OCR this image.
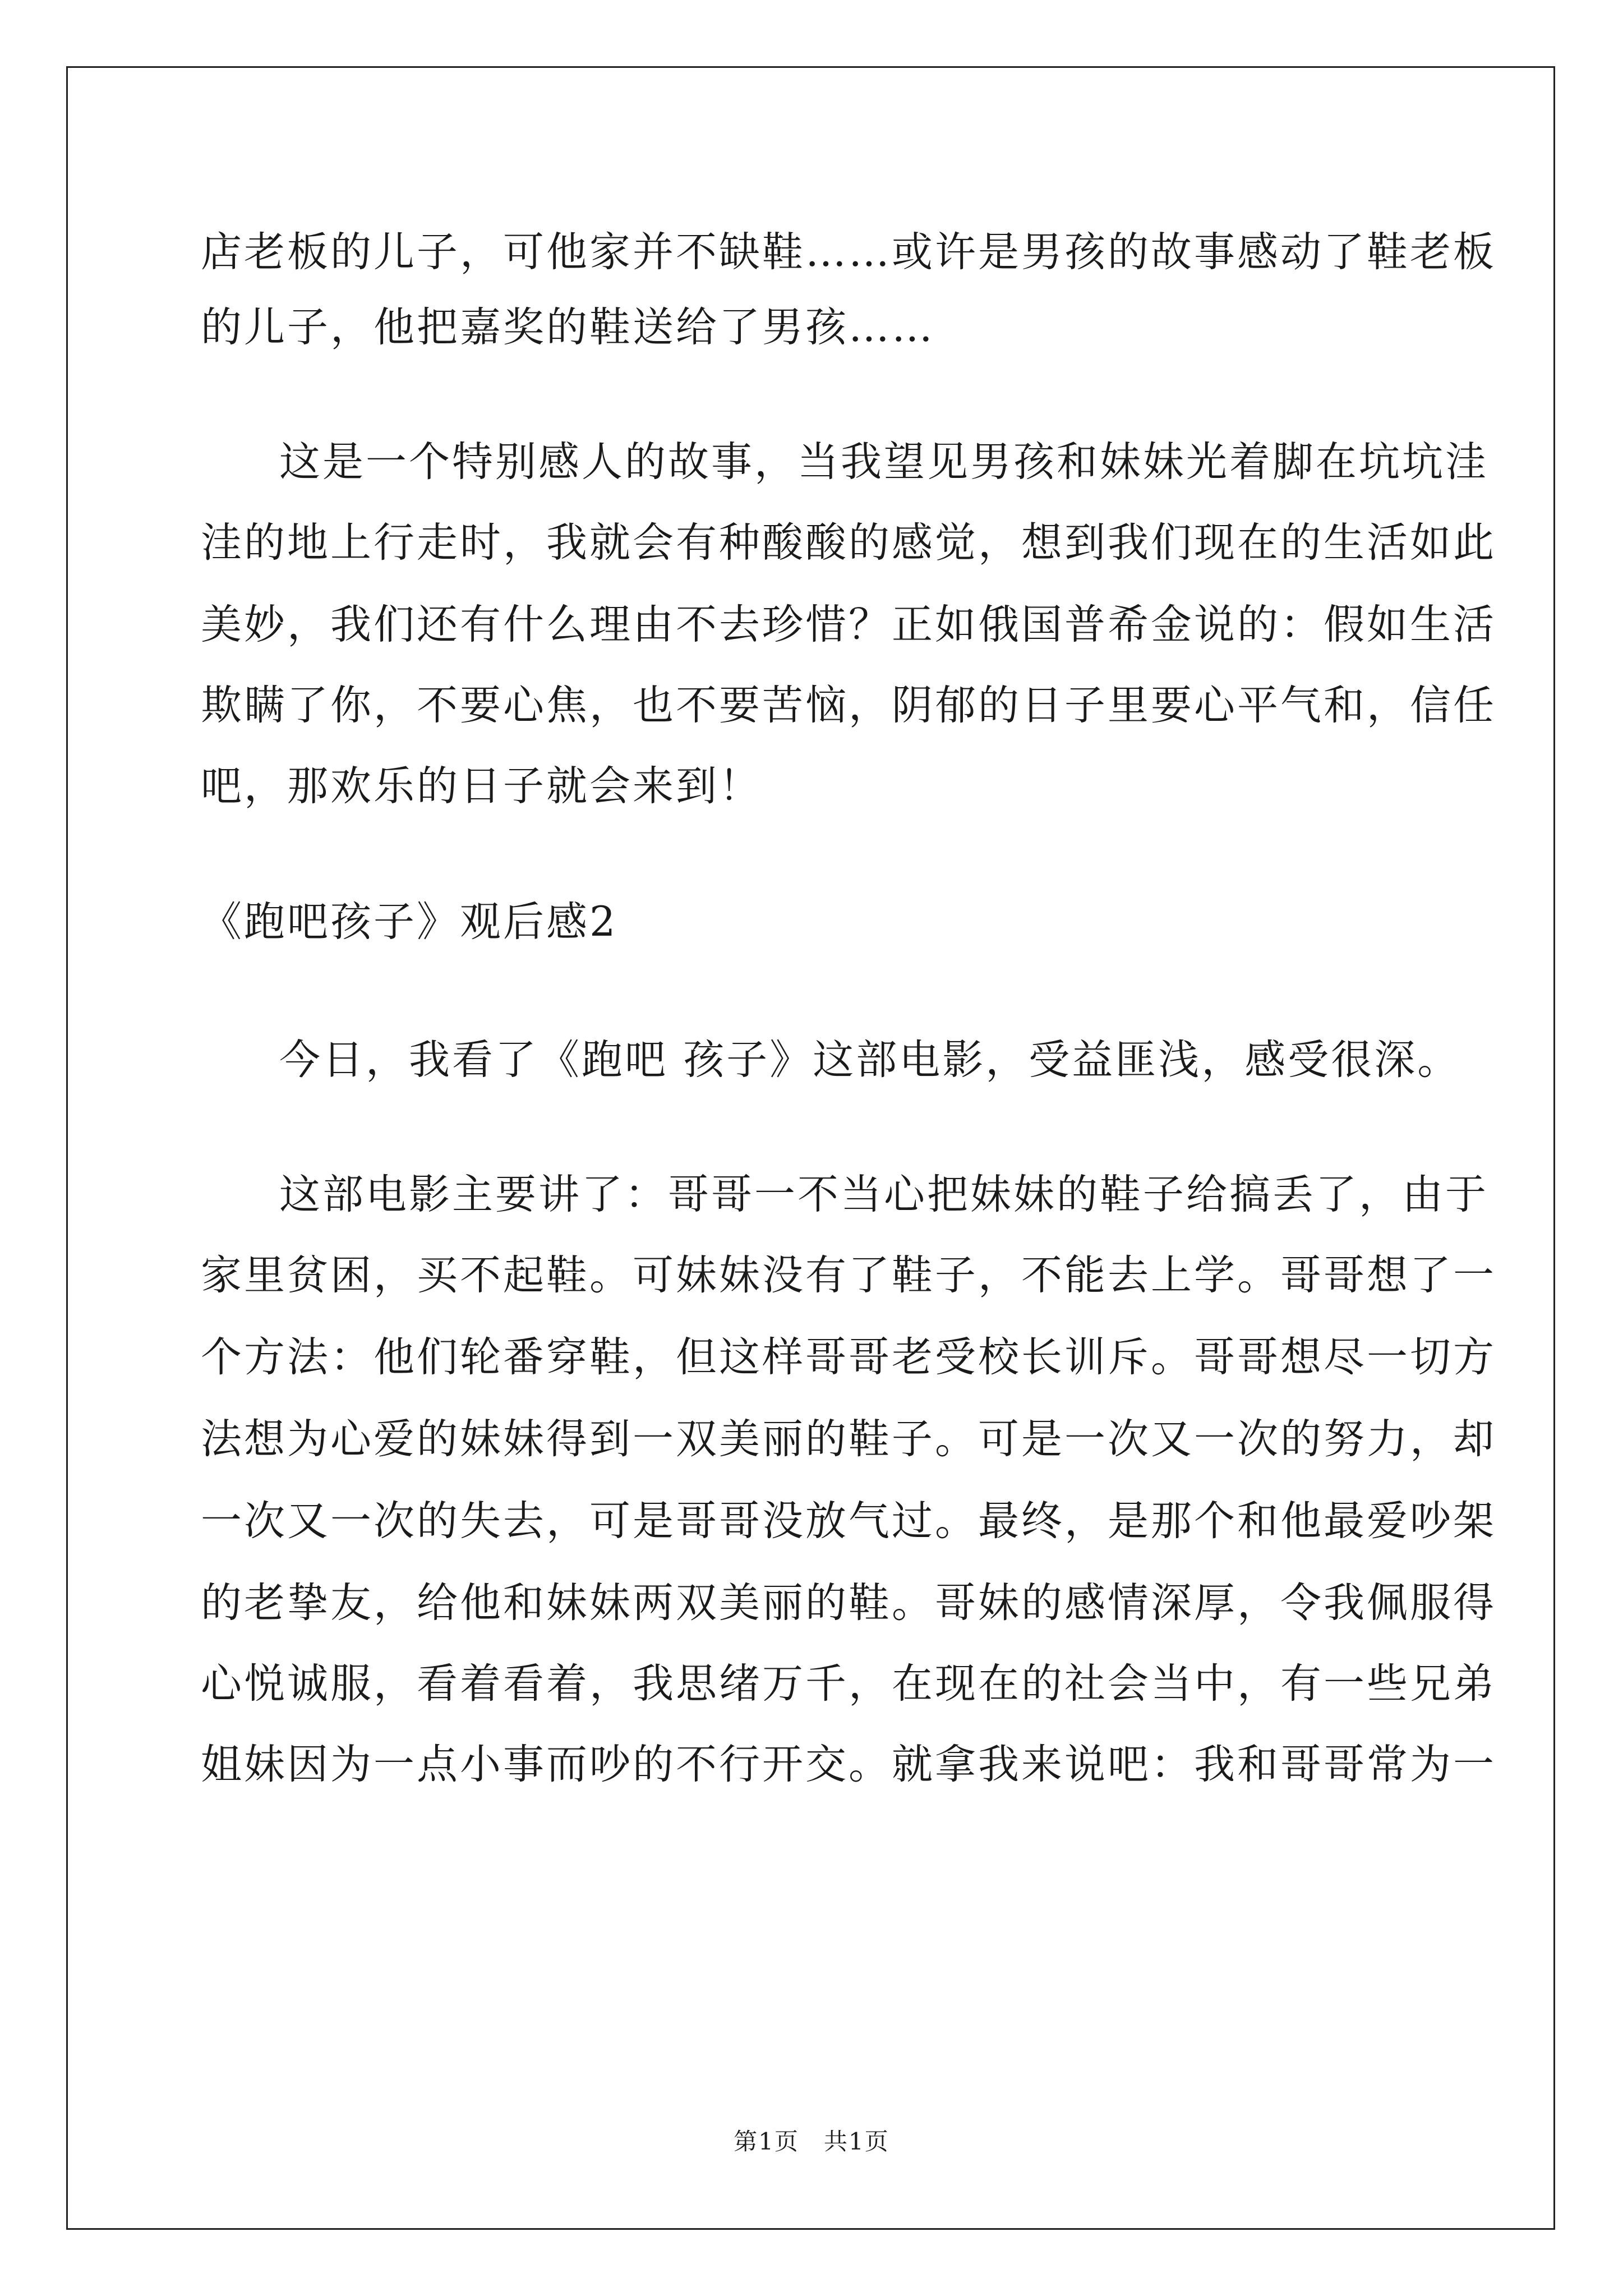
店老板的儿子，可他家并不缺鞋……或许是男孩的故事感动了鞋老板
的儿子，他把嘉奖的鞋送给了男孩……
这是一个特别感人的故事，当我望见男孩和妹妹光着脚在坑坑洼
洼的地上行走时，我就会有种酸酸的感觉，想到我们现在的生活如此
美妙，我们还有什么理由不去珍惜？正如俄国普希金说的：假如生活
欺瞒了你，不要心焦，也不要苦恼，阴郁的日子里要心平气和，信任
吧，那欢乐的日子就会来到！
《跑吧孩子》观后感2
今日，我看了《跑吧 孩子》这部电影，受益匪浅，感受很深。
这部电影主要讲了：哥哥一不当心把妹妹的鞋子给搞丢了，由于
家里贫困，买不起鞋。可妹妹没有了鞋子，不能去上学。哥哥想了一
个方法：他们轮番穿鞋，但这样哥哥老受校长训斥。哥哥想尽一切方
法想为心爱的妹妹得到一双美丽的鞋子。可是一次又一次的努力，却
一次又一次的失去，可是哥哥没放气过。最终，是那个和他最爱吵架
的老挚友，给他和妹妹两双美丽的鞋。哥妹的感情深厚，令我佩服得
心悦诚服，看着看着，我思绪万千，在现在的社会当中，有一些兄弟
姐妹因为一点小事而吵的不行开交。就拿我来说吧：我和哥哥常为一
第1页　共1页
